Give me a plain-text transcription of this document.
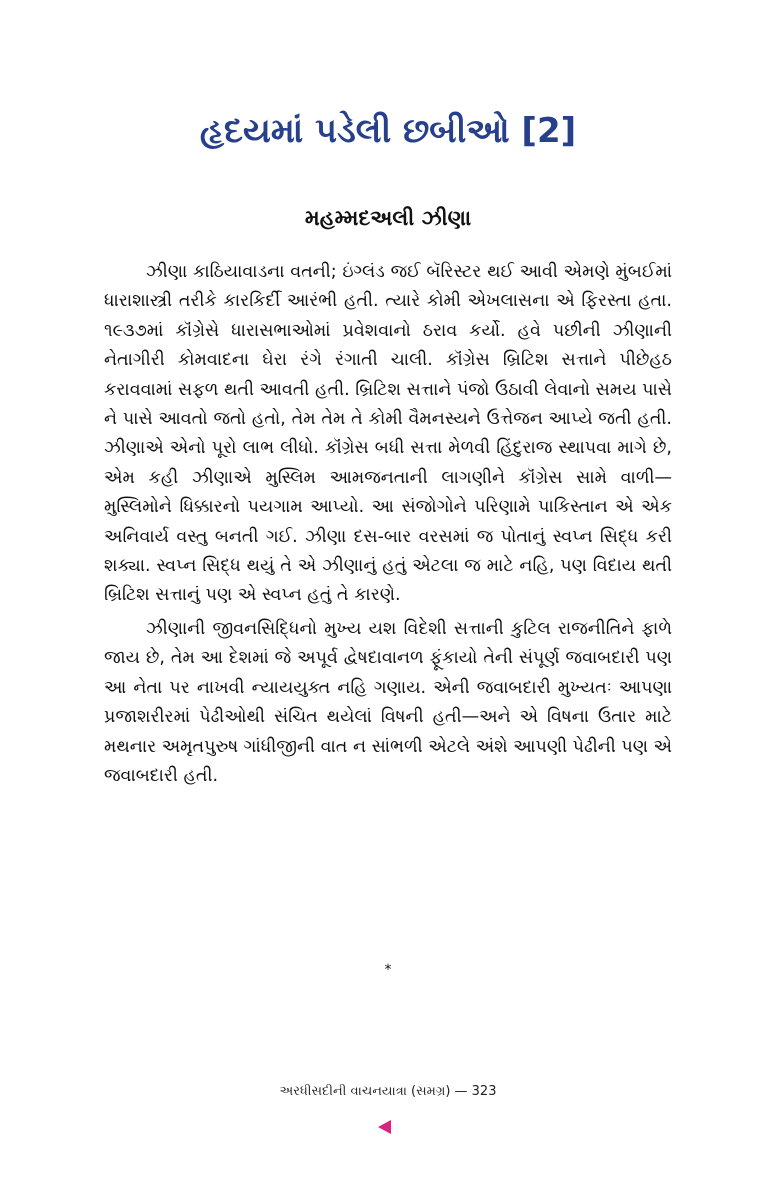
હૃદયમાં પડેલી છબીઓ [2]
મહમ્મદઅલી ઝીણા

ઝીણા કાઠિયાવાડના વતની; ઇંગ્લંડ જઈ બૅરિસ્ટર થઈ આવી એમણે મુંબઈમાં ધારાશાસ્ત્રી તરીકે કારકિર્દી આરંભી હતી. ત્યારે કોમી એખલાસના એ ફિરસ્તા હતા. ૧૯૩૭માં કૉંગ્રેસે ધારાસભાઓમાં પ્રવેશવાનો ઠરાવ કર્યો. હવે પછીની ઝીણાની નેતાગીરી કોમવાદના ઘેરા રંગે રંગાતી ચાલી. કૉંગ્રેસ બ્રિટિશ સત્તાને પીછેહઠ કરાવવામાં સફળ થતી આવતી હતી. બ્રિટિશ સત્તાને પંજો ઉઠાવી લેવાનો સમય પાસે ને પાસે આવતો જતો હતો, તેમ તેમ તે કોમી વૈમનસ્યને ઉત્તેજન આપ્યે જતી હતી. ઝીણાએ એનો પૂરો લાભ લીધો. કૉંગ્રેસ બધી સત્તા મેળવી હિંદુરાજ સ્થાપવા માગે છે, એમ કહી ઝીણાએ મુસ્લિમ આમજનતાની લાગણીને કૉંગ્રેસ સામે વાળી—મુસ્લિમોને ધિક્કારનો પયગામ આપ્યો. આ સંજોગોને પરિણામે પાકિસ્તાન એ એક અનિવાર્ય વસ્તુ બનતી ગઈ. ઝીણા દસ-બાર વરસમાં જ પોતાનું સ્વપ્ન સિદ્ધ કરી શક્યા. સ્વપ્ન સિદ્ધ થયું તે એ ઝીણાનું હતું એટલા જ માટે નહિ, પણ વિદાય થતી બ્રિટિશ સત્તાનું પણ એ સ્વપ્ન હતું તે કારણે.

ઝીણાની જીવનસિદ્ધિનો મુખ્ય યશ વિદેશી સત્તાની કુટિલ રાજનીતિને ફાળે જાય છે, તેમ આ દેશમાં જે અપૂર્વ દ્વેષદાવાનળ ફૂંકાયો તેની સંપૂર્ણ જવાબદારી પણ આ નેતા પર નાખવી ન્યાયયુક્ત નહિ ગણાય. એની જવાબદારી મુખ્યતઃ આપણા પ્રજાશરીરમાં પેઢીઓથી સંચિત થયેલાં વિષની હતી—અને એ વિષના ઉતાર માટે મથનાર અમૃતપુરુષ ગાંધીજીની વાત ન સાંભળી એટલે અંશે આપણી પેઢીની પણ એ જવાબદારી હતી.

*
અરધીસદીની વાચનયાત્રા (સમગ્ર) — 323
